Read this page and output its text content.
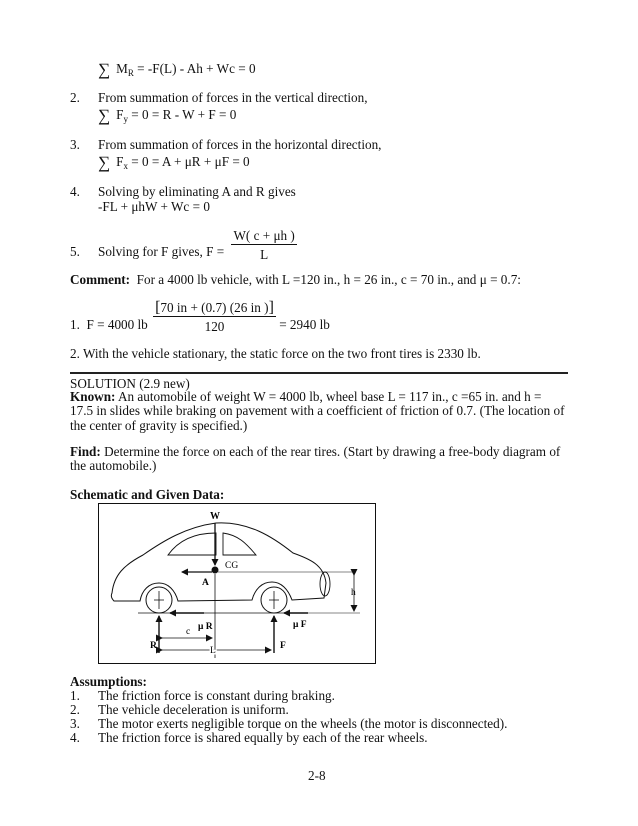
∑ $M_R = -F(L) - Ah + Wc = 0$
2. From summation of forces in the vertical direction,
∑ $F_y = 0 = R - W + F = 0$
3. From summation of forces in the horizontal direction,
∑ $F_x = 0 = A + \mu R + \mu F = 0$
4. Solving by eliminating A and R gives
-FL + μhW + Wc = 0
5. Solving for F gives, $F = \frac{W( c + \mu h )}{L}$
Comment: For a 4000 lb vehicle, with L =120 in., h = 26 in., c = 70 in., and μ = 0.7:
1. F = 4000 lb $\frac{[70 in + (0.7) (26 in )]}{120} = 2940$ lb
2. With the vehicle stationary, the static force on the two front tires is 2330 lb.
SOLUTION (2.9 new)
Known: An automobile of weight W = 4000 lb, wheel base L = 117 in., c =65 in. and h = 17.5 in slides while braking on pavement with a coefficient of friction of 0.7. (The location of the center of gravity is specified.)
Find: Determine the force on each of the rear tires. (Start by drawing a free-body diagram of the automobile.)
Schematic and Given Data:
W
CG
A
h
μ R	μ F
R	F
c
L
Assumptions:
1. The friction force is constant during braking.
2. The vehicle deceleration is uniform.
3. The motor exerts negligible torque on the wheels (the motor is disconnected).
4. The friction force is shared equally by each of the rear wheels.
2-8
